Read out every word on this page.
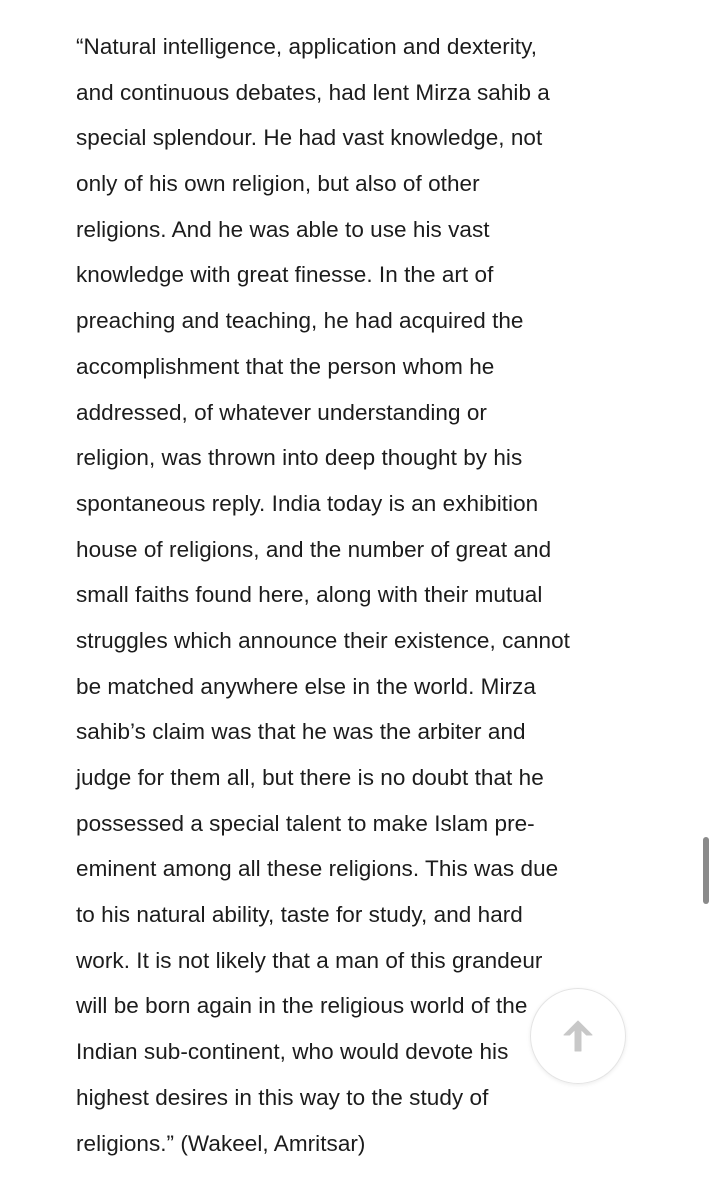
“Natural intelligence, application and dexterity,
and continuous debates, had lent Mirza sahib a
special splendour. He had vast knowledge, not
only of his own religion, but also of other
religions. And he was able to use his vast
knowledge with great finesse. In the art of
preaching and teaching, he had acquired the
accomplishment that the person whom he
addressed, of whatever understanding or
religion, was thrown into deep thought by his
spontaneous reply. India today is an exhibition
house of religions, and the number of great and
small faiths found here, along with their mutual
struggles which announce their existence, cannot
be matched anywhere else in the world. Mirza
sahib’s claim was that he was the arbiter and
judge for them all, but there is no doubt that he
possessed a special talent to make Islam pre-
eminent among all these religions. This was due
to his natural ability, taste for study, and hard
work. It is not likely that a man of this grandeur
will be born again in the religious world of the
Indian sub-continent, who would devote his
highest desires in this way to the study of
religions.” (Wakeel, Amritsar)
